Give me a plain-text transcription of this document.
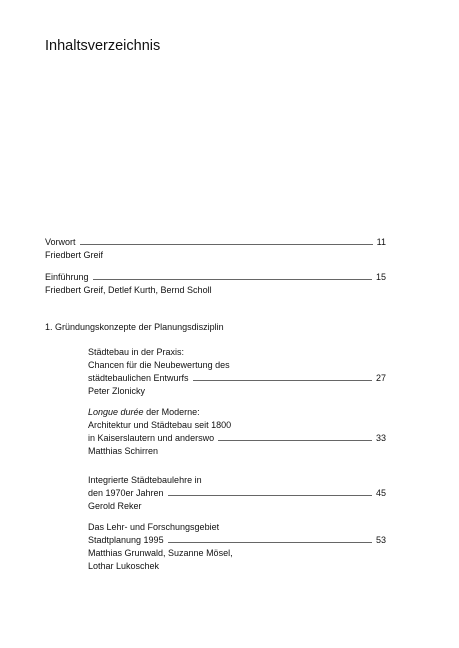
Inhaltsverzeichnis
Vorwort	11
Friedbert Greif
Einführung	15
Friedbert Greif, Detlef Kurth, Bernd Scholl
1. Gründungskonzepte der Planungsdisziplin
Städtebau in der Praxis:
Chancen für die Neubewertung des
städtebaulichen Entwurfs	27
Peter Zlonicky
Longue durée der Moderne:
Architektur und Städtebau seit 1800
in Kaiserslautern und anderswo	33
Matthias Schirren
Integrierte Städtebaulehre in
den 1970er Jahren	45
Gerold Reker
Das Lehr- und Forschungsgebiet
Stadtplanung 1995	53
Matthias Grunwald, Suzanne Mösel,
Lothar Lukoschek
